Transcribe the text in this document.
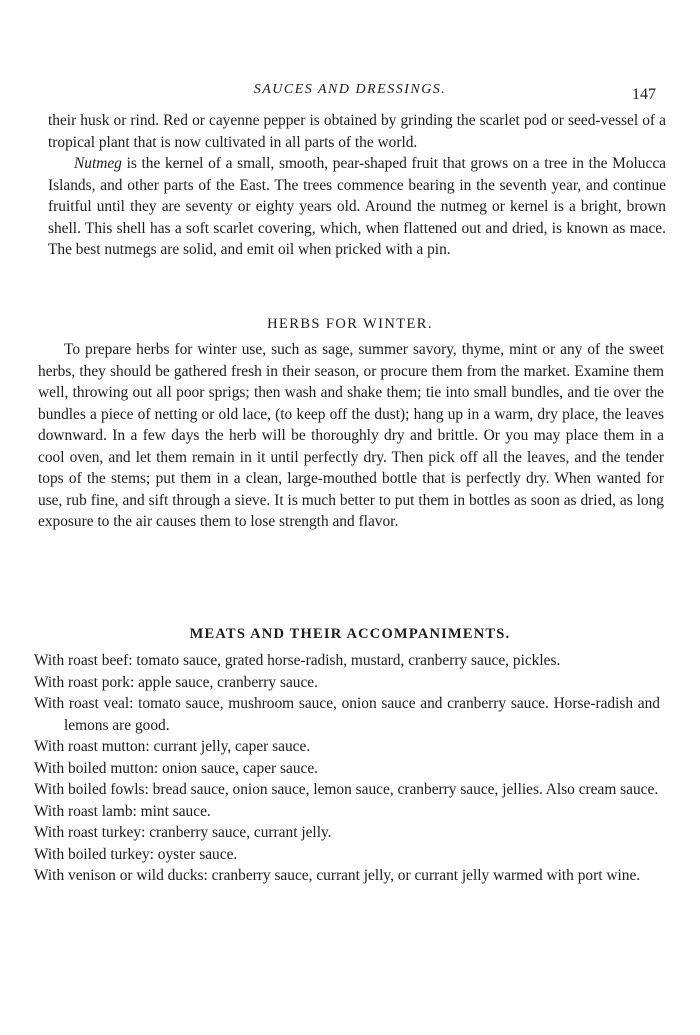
SAUCES AND DRESSINGS.	147

their husk or rind. Red or cayenne pepper is obtained by grinding the scarlet pod or seed-vessel of a tropical plant that is now cultivated in all parts of the world.

Nutmeg is the kernel of a small, smooth, pear-shaped fruit that grows on a tree in the Molucca Islands, and other parts of the East. The trees commence bearing in the seventh year, and continue fruitful until they are seventy or eighty years old. Around the nutmeg or kernel is a bright, brown shell. This shell has a soft scarlet covering, which, when flattened out and dried, is known as mace. The best nutmegs are solid, and emit oil when pricked with a pin.

HERBS FOR WINTER.

To prepare herbs for winter use, such as sage, summer savory, thyme, mint or any of the sweet herbs, they should be gathered fresh in their season, or procure them from the market. Examine them well, throwing out all poor sprigs; then wash and shake them; tie into small bundles, and tie over the bundles a piece of netting or old lace, (to keep off the dust); hang up in a warm, dry place, the leaves downward. In a few days the herb will be thoroughly dry and brittle. Or you may place them in a cool oven, and let them remain in it until perfectly dry. Then pick off all the leaves, and the tender tops of the stems; put them in a clean, large-mouthed bottle that is perfectly dry. When wanted for use, rub fine, and sift through a sieve. It is much better to put them in bottles as soon as dried, as long exposure to the air causes them to lose strength and flavor.

MEATS AND THEIR ACCOMPANIMENTS.
With roast beef: tomato sauce, grated horse-radish, mustard, cranberry sauce, pickles.
With roast pork: apple sauce, cranberry sauce.
With roast veal: tomato sauce, mushroom sauce, onion sauce and cranberry sauce. Horse-radish and lemons are good.
With roast mutton: currant jelly, caper sauce.
With boiled mutton: onion sauce, caper sauce.
With boiled fowls: bread sauce, onion sauce, lemon sauce, cranberry sauce, jellies. Also cream sauce.
With roast lamb: mint sauce.
With roast turkey: cranberry sauce, currant jelly.
With boiled turkey: oyster sauce.
With venison or wild ducks: cranberry sauce, currant jelly, or currant jelly warmed with port wine.
